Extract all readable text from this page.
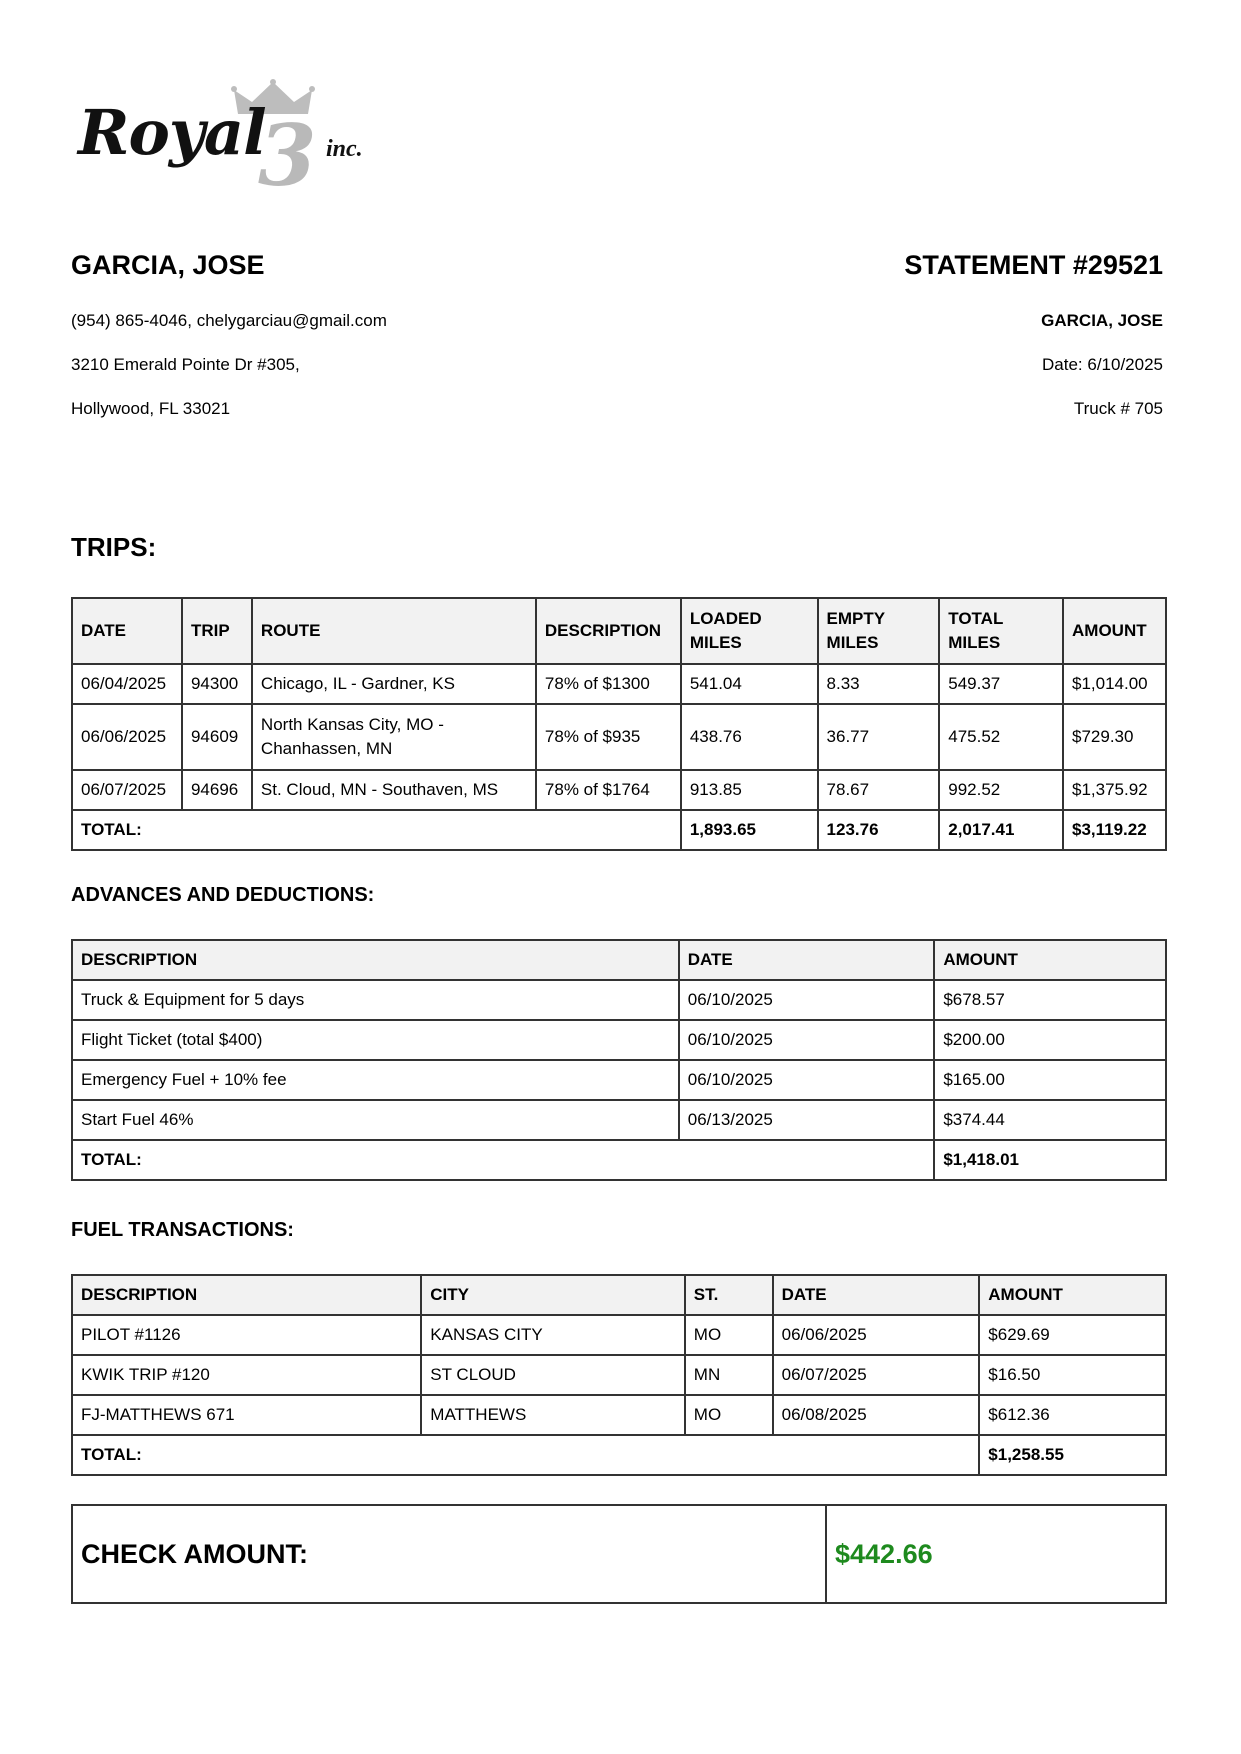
Royal
3 inc.
GARCIA, JOSE	STATEMENT #29521
(954) 865-4046, chelygarciau@gmail.com
3210 Emerald Pointe Dr #305,
Hollywood, FL 33021
GARCIA, JOSE
Date: 6/10/2025
Truck # 705
TRIPS:
DATE	TRIP	ROUTE	DESCRIPTION	LOADED MILES	EMPTY MILES	TOTAL MILES	AMOUNT
06/04/2025	94300	Chicago, IL - Gardner, KS	78% of $1300	541.04	8.33	549.37	$1,014.00
06/06/2025	94609	North Kansas City, MO - Chanhassen, MN	78% of $935	438.76	36.77	475.52	$729.30
06/07/2025	94696	St. Cloud, MN - Southaven, MS	78% of $1764	913.85	78.67	992.52	$1,375.92
TOTAL:				1,893.65	123.76	2,017.41	$3,119.22
ADVANCES AND DEDUCTIONS:
DESCRIPTION	DATE	AMOUNT
Truck & Equipment for 5 days	06/10/2025	$678.57
Flight Ticket (total $400)	06/10/2025	$200.00
Emergency Fuel + 10% fee	06/10/2025	$165.00
Start Fuel 46%	06/13/2025	$374.44
TOTAL:		$1,418.01
FUEL TRANSACTIONS:
DESCRIPTION	CITY	ST.	DATE	AMOUNT
PILOT #1126	KANSAS CITY	MO	06/06/2025	$629.69
KWIK TRIP #120	ST CLOUD	MN	06/07/2025	$16.50
FJ-MATTHEWS 671	MATTHEWS	MO	06/08/2025	$612.36
TOTAL:				$1,258.55
CHECK AMOUNT:	$442.66
